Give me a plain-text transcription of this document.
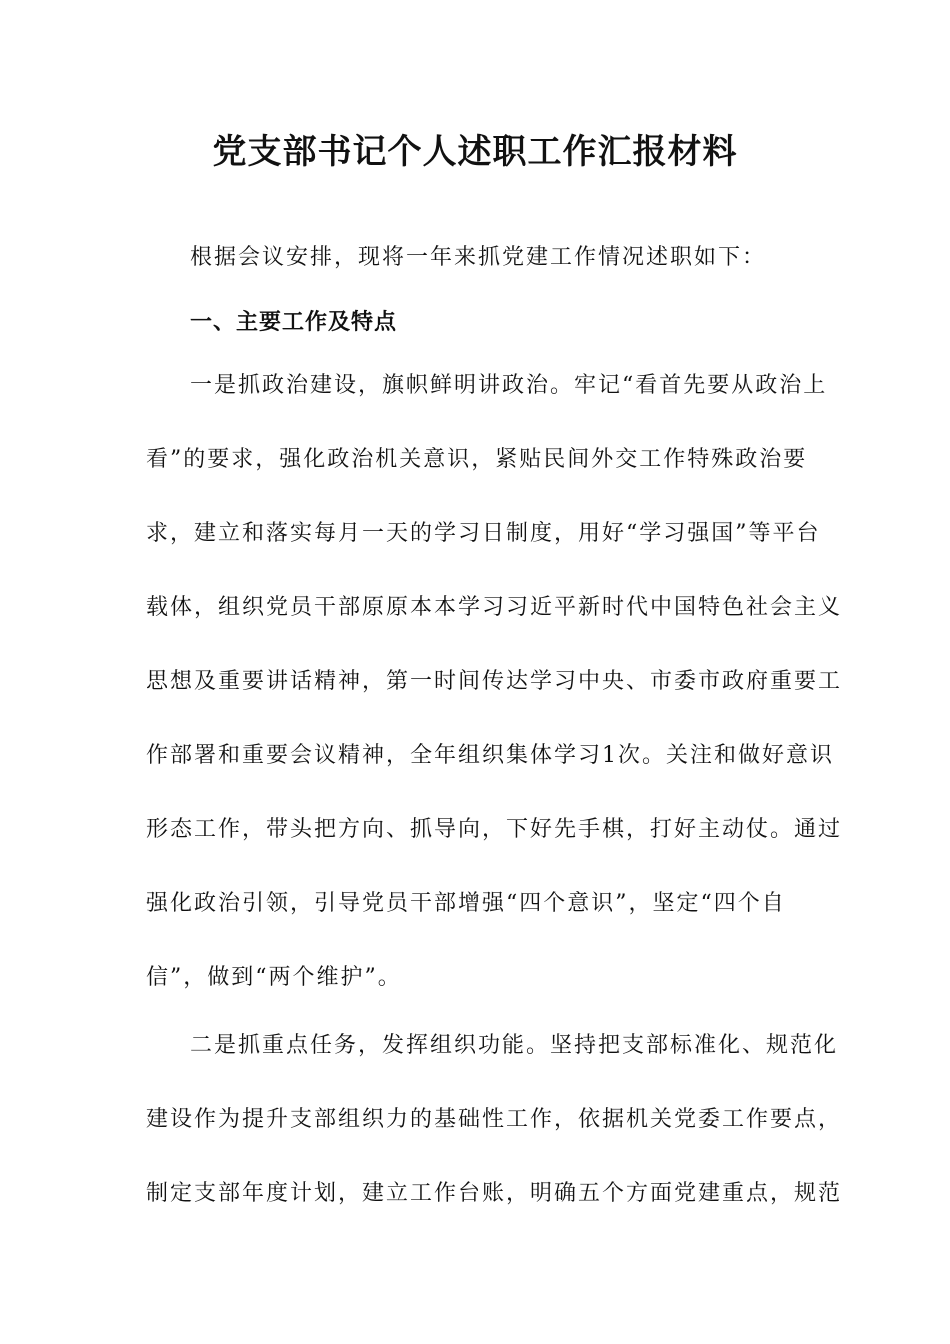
党支部书记个人述职工作汇报材料
根据会议安排，现将一年来抓党建工作情况述职如下：
一、主要工作及特点
一是抓政治建设，旗帜鲜明讲政治。牢记“看首先要从政治上
看”的要求，强化政治机关意识，紧贴民间外交工作特殊政治要
求，建立和落实每月一天的学习日制度，用好“学习强国”等平台
载体，组织党员干部原原本本学习习近平新时代中国特色社会主义
思想及重要讲话精神，第一时间传达学习中央、市委市政府重要工
作部署和重要会议精神，全年组织集体学习1次。关注和做好意识
形态工作，带头把方向、抓导向，下好先手棋，打好主动仗。通过
强化政治引领，引导党员干部增强“四个意识”，坚定“四个自
信”，做到“两个维护”。
二是抓重点任务，发挥组织功能。坚持把支部标准化、规范化
建设作为提升支部组织力的基础性工作，依据机关党委工作要点，
制定支部年度计划，建立工作台账，明确五个方面党建重点，规范
